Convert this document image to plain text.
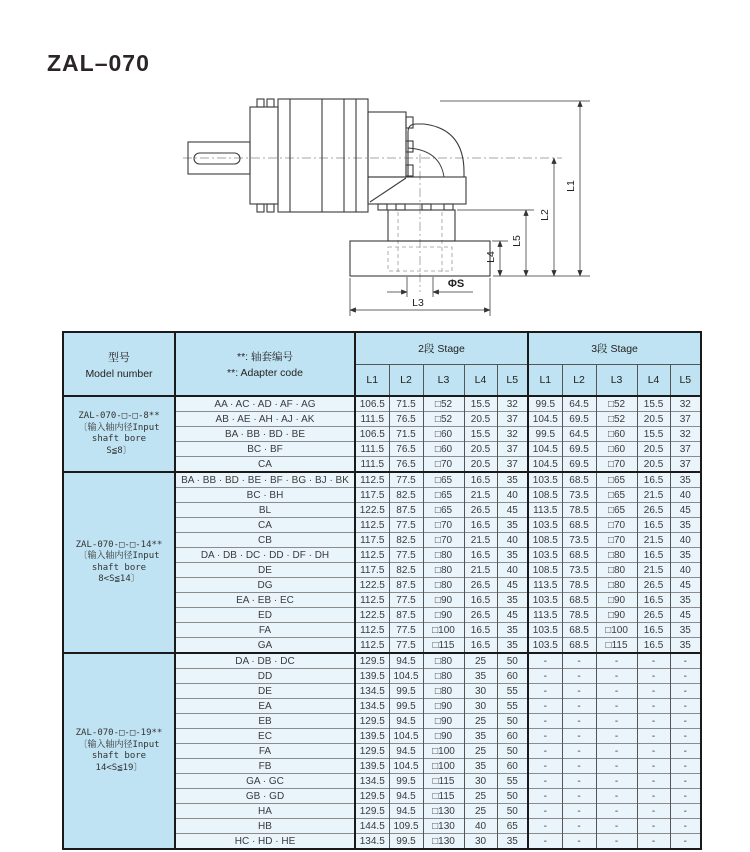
ZAL–070
L1
L2
L5
L4
L3
ΦS
型号
Model number

**: 轴套编号
**: Adapter code
	2段 Stage	3段 Stage
		L1	L2	L3	L4	L5	L1	L2	L3	L4	L5

ZAL-070-□-□-8**
〔输入轴内径Input
shaft bore
S≦8〕	AA · AC · AD · AF · AG	106.5	71.5	□52	15.5	32	99.5	64.5	□52	15.5	32
	AB · AE · AH · AJ · AK	111.5	76.5	□52	20.5	37	104.5	69.5	□52	20.5	37
	BA · BB · BD · BE	106.5	71.5	□60	15.5	32	99.5	64.5	□60	15.5	32
	BC · BF	111.5	76.5	□60	20.5	37	104.5	69.5	□60	20.5	37
	CA	111.5	76.5	□70	20.5	37	104.5	69.5	□70	20.5	37

ZAL-070-□-□-14**
〔输入轴内径Input
shaft bore
8<S≦14〕	BA · BB · BD · BE · BF · BG · BJ · BK	112.5	77.5	□65	16.5	35	103.5	68.5	□65	16.5	35
	BC · BH	117.5	82.5	□65	21.5	40	108.5	73.5	□65	21.5	40
	BL	122.5	87.5	□65	26.5	45	113.5	78.5	□65	26.5	45
	CA	112.5	77.5	□70	16.5	35	103.5	68.5	□70	16.5	35
	CB	117.5	82.5	□70	21.5	40	108.5	73.5	□70	21.5	40
	DA · DB · DC · DD · DF · DH	112.5	77.5	□80	16.5	35	103.5	68.5	□80	16.5	35
	DE	117.5	82.5	□80	21.5	40	108.5	73.5	□80	21.5	40
	DG	122.5	87.5	□80	26.5	45	113.5	78.5	□80	26.5	45
	EA · EB · EC	112.5	77.5	□90	16.5	35	103.5	68.5	□90	16.5	35
	ED	122.5	87.5	□90	26.5	45	113.5	78.5	□90	26.5	45
	FA	112.5	77.5	□100	16.5	35	103.5	68.5	□100	16.5	35
	GA	112.5	77.5	□115	16.5	35	103.5	68.5	□115	16.5	35

ZAL-070-□-□-19**
〔输入轴内径Input
shaft bore
14<S≦19〕	DA · DB · DC	129.5	94.5	□80	25	50	-	-	-	-	-
	DD	139.5	104.5	□80	35	60	-	-	-	-	-
	DE	134.5	99.5	□80	30	55	-	-	-	-	-
	EA	134.5	99.5	□90	30	55	-	-	-	-	-
	EB	129.5	94.5	□90	25	50	-	-	-	-	-
	EC	139.5	104.5	□90	35	60	-	-	-	-	-
	FA	129.5	94.5	□100	25	50	-	-	-	-	-
	FB	139.5	104.5	□100	35	60	-	-	-	-	-
	GA · GC	134.5	99.5	□115	30	55	-	-	-	-	-
	GB · GD	129.5	94.5	□115	25	50	-	-	-	-	-
	HA	129.5	94.5	□130	25	50	-	-	-	-	-
	HB	144.5	109.5	□130	40	65	-	-	-	-	-
	HC · HD · HE	134.5	99.5	□130	30	35	-	-	-	-	-
